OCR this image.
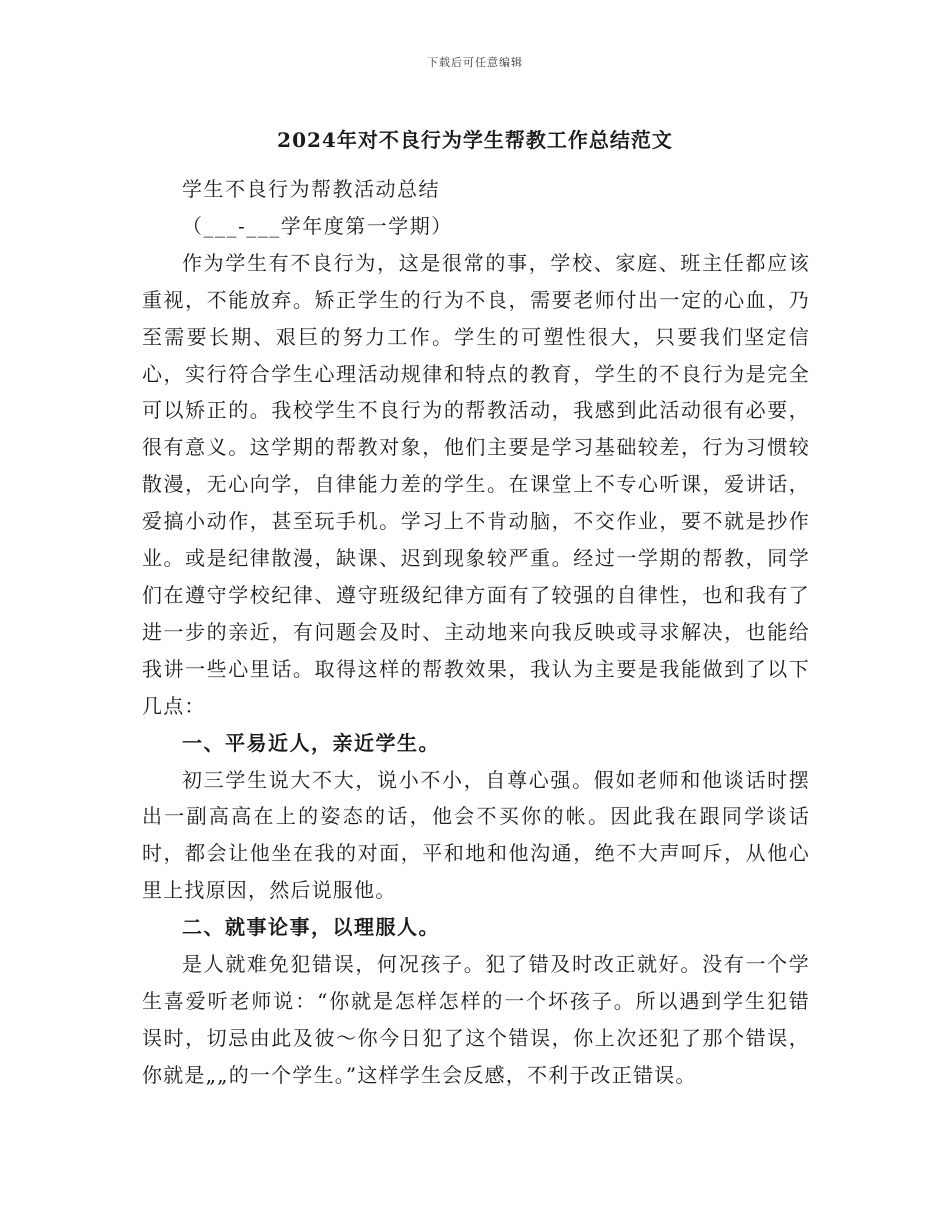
下载后可任意编辑
2024年对不良行为学生帮教工作总结范文

学生不良行为帮教活动总结

（___-___学年度第一学期）

作为学生有不良行为，这是很常的事，学校、家庭、班主任都应该重视，不能放弃。矫正学生的行为不良，需要老师付出一定的心血，乃至需要长期、艰巨的努力工作。学生的可塑性很大，只要我们坚定信心，实行符合学生心理活动规律和特点的教育，学生的不良行为是完全可以矫正的。我校学生不良行为的帮教活动，我感到此活动很有必要，很有意义。这学期的帮教对象，他们主要是学习基础较差，行为习惯较散漫，无心向学，自律能力差的学生。在课堂上不专心听课，爱讲话，爱搞小动作，甚至玩手机。学习上不肯动脑，不交作业，要不就是抄作业。或是纪律散漫，缺课、迟到现象较严重。经过一学期的帮教，同学们在遵守学校纪律、遵守班级纪律方面有了较强的自律性，也和我有了进一步的亲近，有问题会及时、主动地来向我反映或寻求解决，也能给我讲一些心里话。取得这样的帮教效果，我认为主要是我能做到了以下几点：

一、平易近人，亲近学生。

初三学生说大不大，说小不小，自尊心强。假如老师和他谈话时摆出一副高高在上的姿态的话，他会不买你的帐。因此我在跟同学谈话时，都会让他坐在我的对面，平和地和他沟通，绝不大声呵斥，从他心里上找原因，然后说服他。

二、就事论事，以理服人。

是人就难免犯错误，何况孩子。犯了错及时改正就好。没有一个学生喜爱听老师说：“你就是怎样怎样的一个坏孩子。所以遇到学生犯错误时，切忌由此及彼～你今日犯了这个错误，你上次还犯了那个错误，你就是„„的一个学生。”这样学生会反感，不利于改正错误。
